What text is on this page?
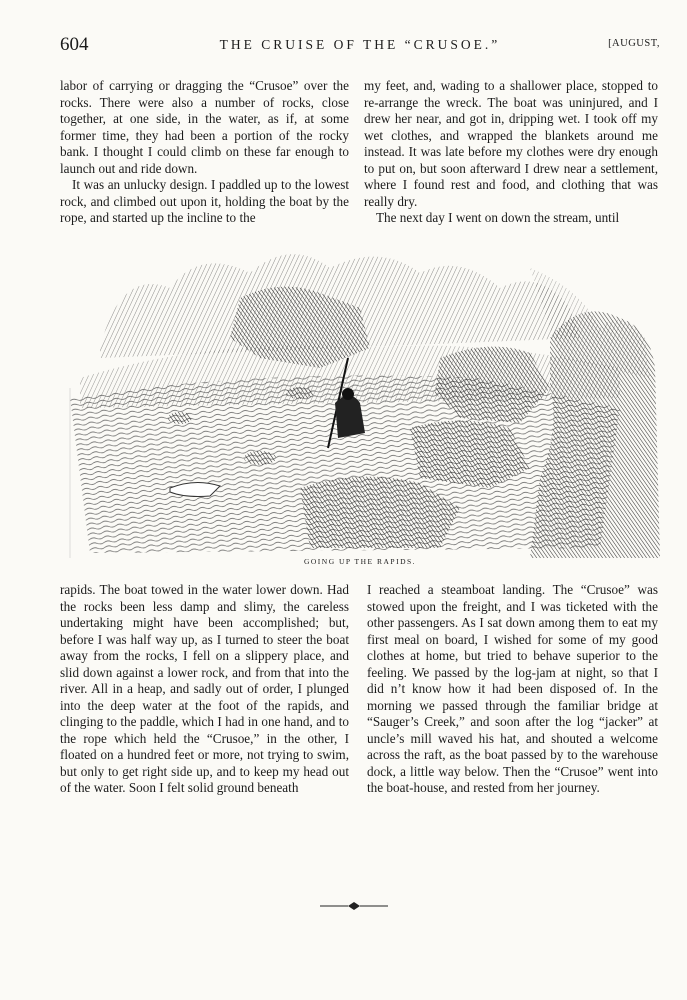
604	THE CRUISE OF THE “CRUSOE.”	[AUGUST,

labor of carrying or dragging the “Crusoe” over the rocks. There were also a number of rocks, close together, at one side, in the water, as if, at some former time, they had been a portion of the rocky bank. I thought I could climb on these far enough to launch out and ride down.

It was an unlucky design. I paddled up to the lowest rock, and climbed out upon it, holding the boat by the rope, and started up the incline to the

my feet, and, wading to a shallower place, stopped to re-arrange the wreck. The boat was uninjured, and I drew her near, and got in, dripping wet. I took off my wet clothes, and wrapped the blankets around me instead. It was late before my clothes were dry enough to put on, but soon afterward I drew near a settlement, where I found rest and food, and clothing that was really dry.

The next day I went on down the stream, until

GOING UP THE RAPIDS.

rapids. The boat towed in the water lower down. Had the rocks been less damp and slimy, the careless undertaking might have been accomplished; but, before I was half way up, as I turned to steer the boat away from the rocks, I fell on a slippery place, and slid down against a lower rock, and from that into the river. All in a heap, and sadly out of order, I plunged into the deep water at the foot of the rapids, and clinging to the paddle, which I had in one hand, and to the rope which held the “Crusoe,” in the other, I floated on a hundred feet or more, not trying to swim, but only to get right side up, and to keep my head out of the water. Soon I felt solid ground beneath

I reached a steamboat landing. The “Crusoe” was stowed upon the freight, and I was ticketed with the other passengers. As I sat down among them to eat my first meal on board, I wished for some of my good clothes at home, but tried to behave superior to the feeling. We passed by the log-jam at night, so that I did n’t know how it had been disposed of. In the morning we passed through the familiar bridge at “Sauger’s Creek,” and soon after the log “jacker” at uncle’s mill waved his hat, and shouted a welcome across the raft, as the boat passed by to the warehouse dock, a little way below. Then the “Crusoe” went into the boat-house, and rested from her journey.
